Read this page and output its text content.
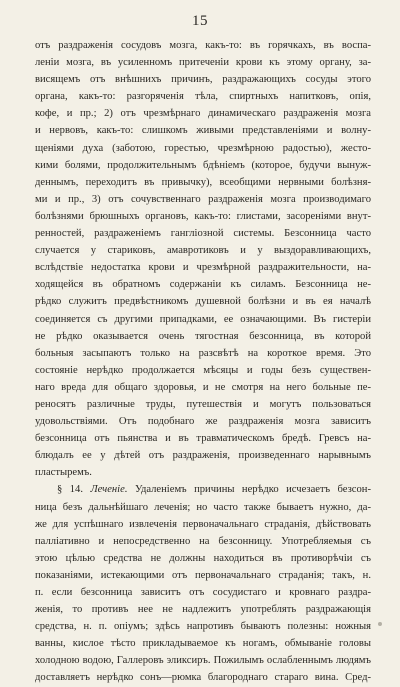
15
отъ раздраженія сосудовъ мозга, какъ-то: въ горячкахъ, въ воспа-
леніи мозга, въ усиленномъ притеченіи крови къ этому органу, за-
висящемъ отъ внѣшнихъ причинъ, раздражающихъ сосуды этого
органа, какъ-то: разгоряченія тѣла, спиртныхъ напитковъ, опія,
кофе, и пр.; 2) отъ чрезмѣрнаго динамическаго раздраженія мозга
и нервовъ, какъ-то: слишкомъ живыми представленіями и волну-
щеніями духа (заботою, горестью, чрезмѣрною радостью), жесто-
кими болями, продолжительнымъ бдѣніемъ (которое, будучи вынуж-
деннымъ, переходитъ въ привычку), всеобщими нервными болѣзня-
ми и пр., 3) отъ сочувственнаго раздраженія мозга производимаго
болѣзнями брюшныхъ органовъ, какъ-то: глистами, засореніями внут-
ренностей, раздраженіемъ гангліозной системы. Безсонница часто
случается у стариковъ, амавротиковъ и у выздоравливающихъ,
вслѣдствіе недостатка крови и чрезмѣрной раздражительности, на-
ходящейся въ обратномъ содержаніи къ силамъ. Безсонница не-
рѣдко служитъ предвѣстникомъ душевной болѣзни и въ ея началѣ
соединяется съ другими припадками, ее означающими. Въ гистеріи
не рѣдко оказывается очень тягостная безсонница, въ которой
больныя засыпаютъ только на разсвѣтѣ на короткое время. Это
состояніе нерѣдко продолжается мѣсяцы и годы безъ существен-
наго вреда для общаго здоровья, и не смотря на него больные пе-
реносятъ различные труды, путешествія и могутъ пользоваться
удовольствіями. Отъ подобнаго же раздраженія мозга зависитъ
безсонница отъ пьянства и въ травматическомъ бредѣ. Гревсъ на-
блюдалъ ее у дѣтей отъ раздраженія, произведеннаго нарывнымъ
пластыремъ.
§ 14. Леченіе. Удаленіемъ причины нерѣдко исчезаетъ безсон-
ница безъ дальнѣйшаго леченія; но часто также бываетъ нужно, да-
же для успѣшнаго извлеченія первоначальнаго страданія, дѣйствовать
палліативно и непосредственно на безсонницу. Употребляемыя съ
этою цѣлью средства не должны находиться въ противорѣчіи съ
показаніями, истекающими отъ первоначальнаго страданія; такъ, н.
п. если безсонница зависитъ отъ сосудистаго и кровнаго раздра-
женія, то противъ нее не надлежитъ употреблять раздражающія
средства, н. п. опіумъ; здѣсь напротивъ бываютъ полезны: ножныя
ванны, кислое тѣсто прикладываемое къ ногамъ, обмываніе головы
холодною водою, Галлеровъ эликсиръ. Пожилымъ ослабленнымъ людямъ
доставляетъ нерѣдко сонъ—рюмка благороднаго стараго вина. Сред-
